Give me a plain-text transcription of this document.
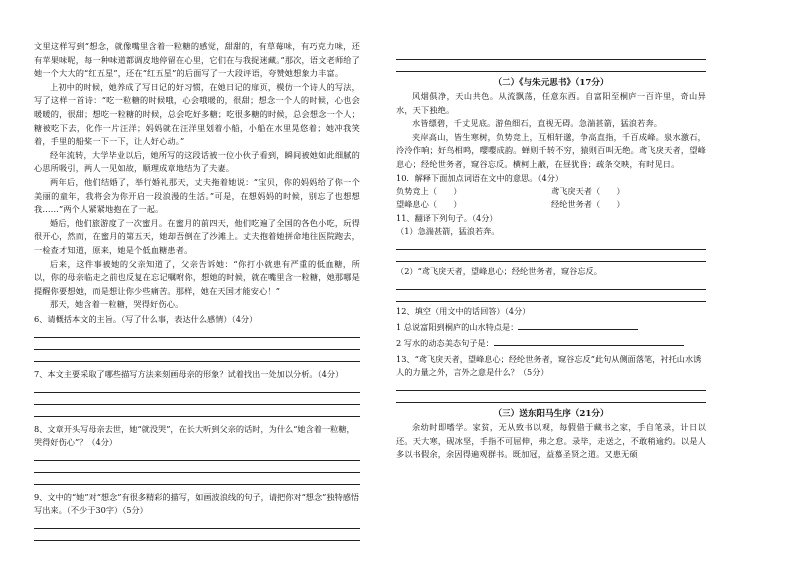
文里这样写到“想念，就像嘴里含着一粒糖的感觉，甜甜的，有草莓味，有巧克力味，还有苹果味呢，每一种味道都调皮地停留在心里，它们在与我捉迷藏。”那次，语文老师给了她一个大大的“红五星”，还在“红五星”的后面写了一大段评语，夸赞她想象力丰富。

上初中的时候，她养成了写日记的好习惯，在她日记的扉页，模仿一个诗人的写法，写了这样一首诗：“吃一粒糖的时候哦，心会哦暖的，很甜；想念一个人的时候，心也会暖暖的，很甜；想吃一粒糖的时候，总会吃好多糖；吃很多糖的时候，总会想念一个人；糖被吃下去，化作一片汪洋；妈妈就在汪洋里划着小船，小船在水里晃悠着；她冲我笑着，手里的船桨一下一下，让人好心动。”

经年流转，大学毕业以后，她所写的这段话被一位小伙子看到，瞬间被她如此细腻的心思所吸引，两人一见如故，顺理成章地结为了夫妻。

两年后，他们结婚了，举行婚礼那天，丈夫拖着她说：“宝贝，你的妈妈给了你一个美丽的童年，我将会为你开启一段浪漫的生活。”可是，在想妈妈的时候，别忘了也想想我……”两个人紧紧地抱在了一起。

婚后，他们旅游度了一次蜜月。在蜜月的前四天，他们吃遍了全国的各色小吃，玩得很开心，然而，在蜜月的第五天，她却吾倒在了沙滩上。丈夫抱着她拼命地往医院跑去，一检查才知道，原来，她是个低血糖患者。

后来，这件事被她的父亲知道了，父亲告诉她：“你打小就患有严重的低血糖，所以，你的母亲临走之前也反复在忘记嘱咐你，想她的时候，就在嘴里含一粒糖，她那哪是提醒你要想她，而是想让你少些痛苦。那样，她在天国才能安心！”

那天，她含着一粒糖，哭得好伤心。

6、请概括本文的主旨。（写了什么事，表达什么感情）（4分）

7、本文主要采取了哪些描写方法来刻画母亲的形象？试着找出一处加以分析。（4分）

8、文章开头写母亲去世，她“就没哭”，在长大听到父亲的话时，为什么“她含着一粒糖，哭得好伤心”？（4分）

9、文中的“她”对“想念”有很多精彩的描写，如画波浪线的句子，请把你对“想念”独特感悟写出来。（不少于30字）（5分）

（二）《与朱元思书》（17分）

风烟俱净，天山共色。从流飘荡，任意东西。自富阳至桐庐一百许里，奇山异水，天下独绝。

水皆缥碧，千丈见底。游鱼细石，直视无碍。急湍甚箭，猛浪若奔。

夹岸高山，皆生寒树，负势竞上，互相轩邈，争高直指，千百成峰。泉水激石，泠泠作响；好鸟相鸣，嘤嘤成韵。蝉则千转不穷，猿则百叫无绝。鸢飞戾天者，望峰息心；经纶世务者，窥谷忘反。横柯上蔽，在昼犹昏；疏条交映，有时见日。

10．解释下面加点词语在文中的意思。（4分）

负势竞上（　　）	鸢飞戾天者（　　）
望峰息心（　　）	经纶世务者（　　）

11、翻译下列句子。（4分）

（1）急湍甚箭，猛浪若奔。

（2）“鸢飞戾天者，望峰息心；经纶世务者，窥谷忘反。

12、填空（用文中的话回答）（4分）

1 总说富阳到桐庐的山水特点是：

2 写水的动态美态句子是：

13、“鸢飞戾天者，望峰息心；经纶世务者，窥谷忘反”此句从侧面落笔，衬托山水诱人的力量之外，言外之意是什么？（5分）

（三）送东阳马生序（21分）

余幼时即嗜学。家贫，无从致书以观，每假借于藏书之家，手自笔录，计日以还。天大寒，砚冰坚，手指不可屈伸，弗之怠。录毕，走送之，不敢稍逾约。以是人多以书假余，余因得遍观群书。既加冠，益慕圣贤之道。又患无硕
